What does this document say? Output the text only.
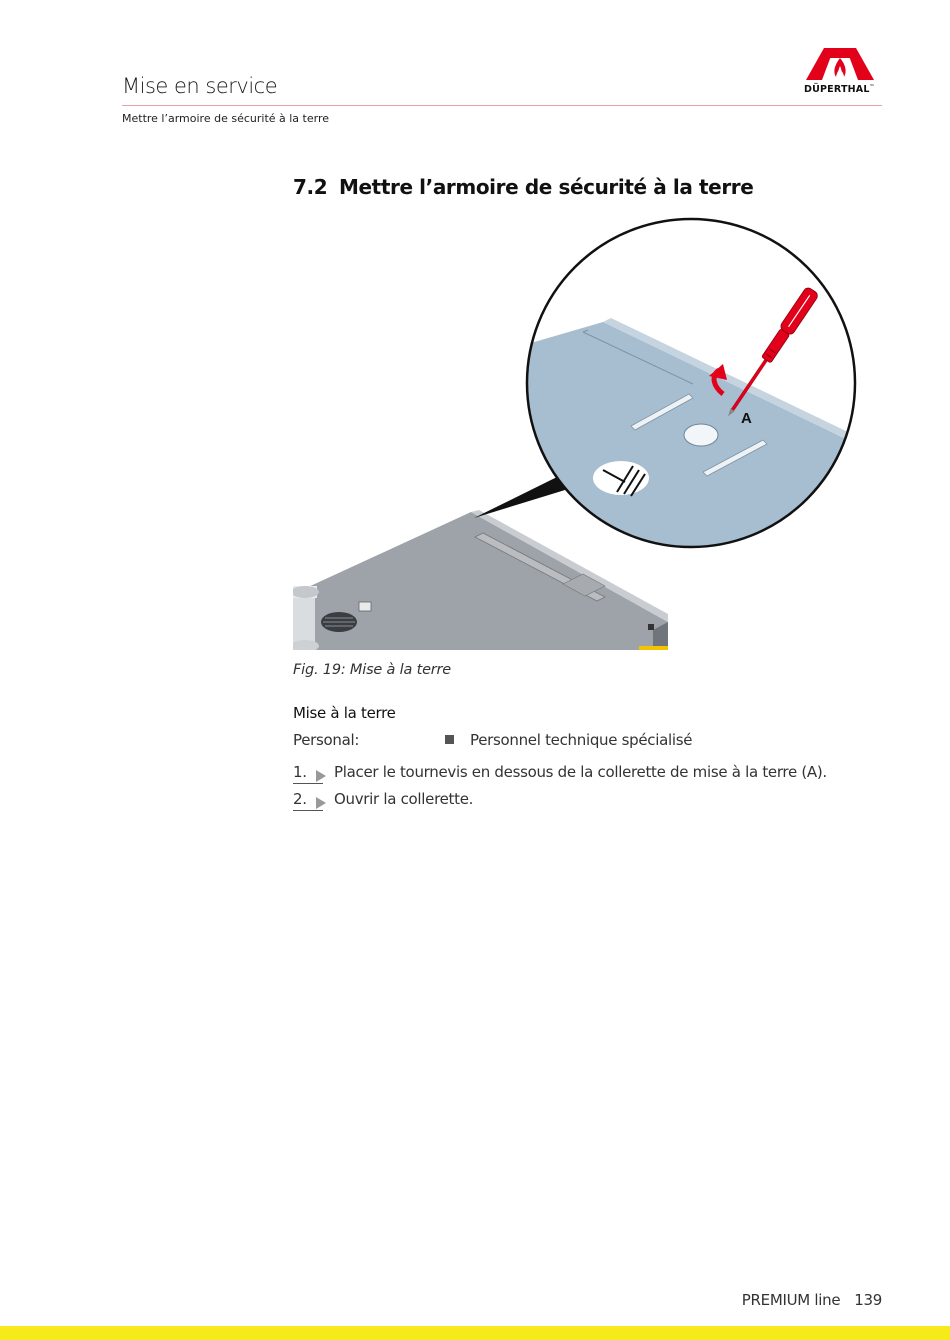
Mise en service
Mettre l’armoire de sécurité à la terre
DÜPERTHAL™
7.2 Mettre l’armoire de sécurité à la terre
A
Fig. 19: Mise à la terre
Mise à la terre
Personal:	Personnel technique spécialisé
1.	Placer le tournevis en dessous de la collerette de mise à la terre (A).
2.	Ouvrir la collerette.
PREMIUM line 139
